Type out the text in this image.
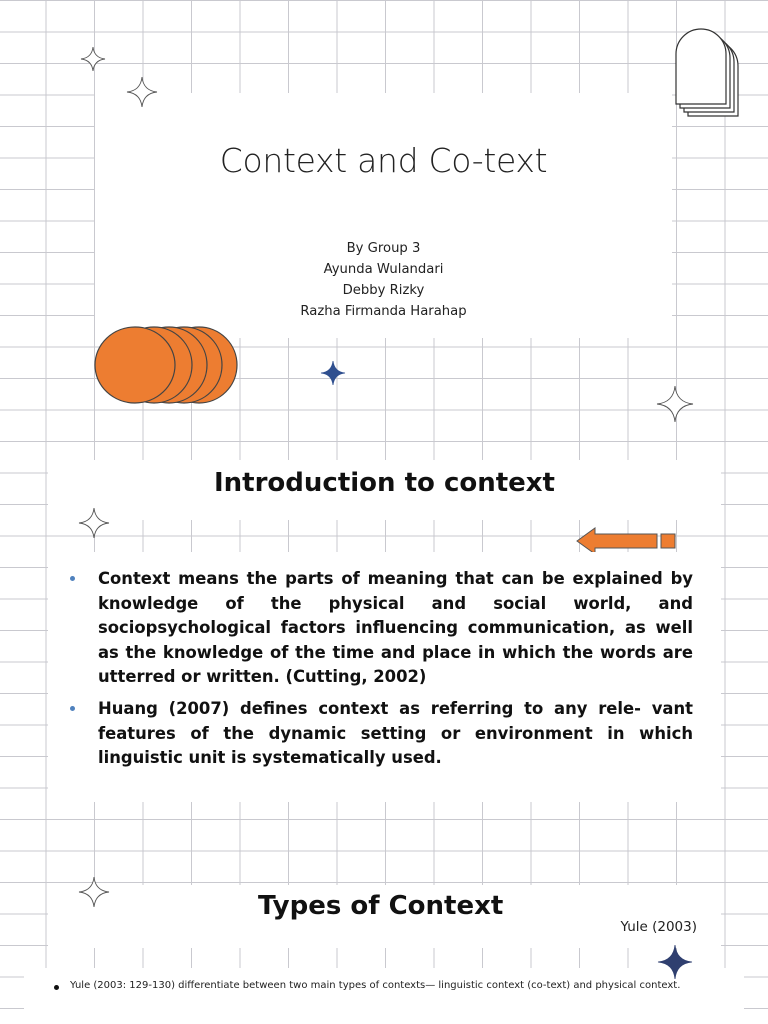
Context and Co-text
By Group 3
Ayunda Wulandari
Debby Rizky
Razha Firmanda Harahap
Introduction to context
Context means the parts of meaning that can be explained by knowledge of the physical and social world, and sociopsychological factors influencing communication, as well as the knowledge of the time and place in which the words are utterred or written. (Cutting, 2002)
Huang (2007) defines context as referring to any rele- vant features of the dynamic setting or environment in which linguistic unit is systematically used.
Types of Context
Yule (2003)
Yule (2003: 129-130) differentiate between two main types of contexts— linguistic context (co-text) and physical context.
